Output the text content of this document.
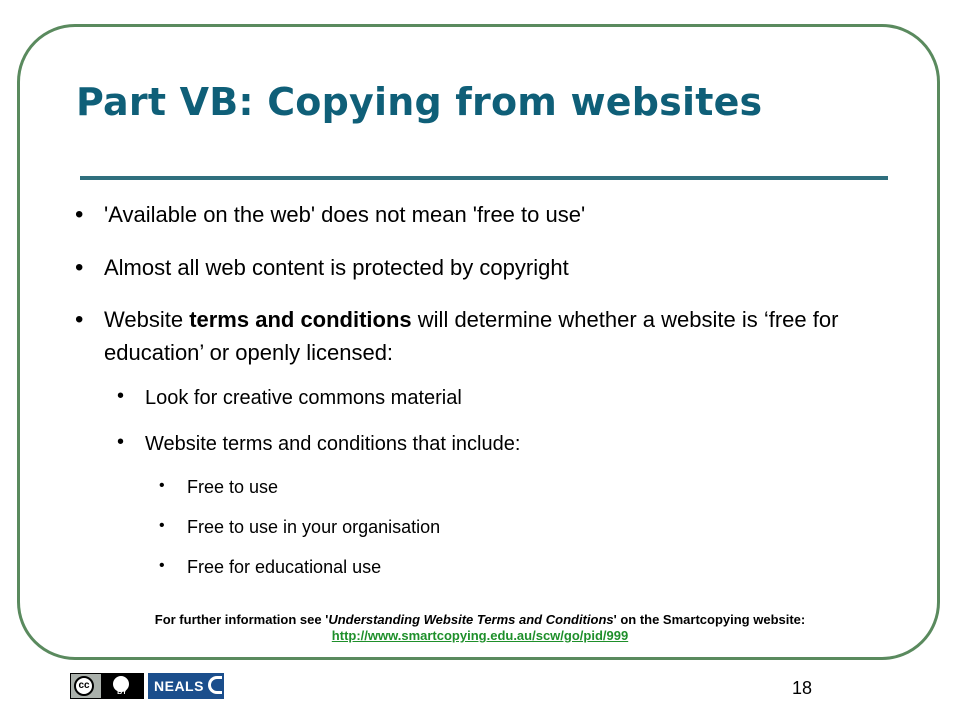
Part VB: Copying from websites
• 'Available on the web' does not mean 'free to use'
• Almost all web content is protected by copyright
• Website terms and conditions will determine whether a website is ‘free for education’ or openly licensed:
• Look for creative commons material
• Website terms and conditions that include:
• Free to use
• Free to use in your organisation
• Free for educational use
For further information see 'Understanding Website Terms and Conditions' on the Smartcopying website:
http://www.smartcopying.edu.au/scw/go/pid/999
cc
BY	NEALS	18
